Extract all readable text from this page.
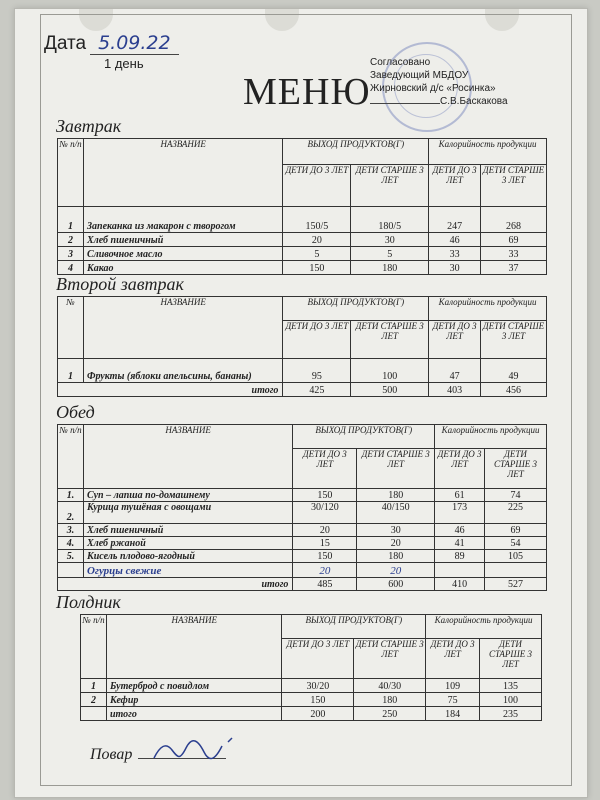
Дата 5.09.22
1 день
МЕНЮ
Согласовано
Заведующий МБДОУ
Жирновский д/с «Росинка»
С.В.Баскакова
Завтрак
№ п/п	НАЗВАНИЕ	ВЫХОД ПРОДУКТОВ(Г)		Калорийность продукции	
		ДЕТИ ДО 3 ЛЕТ	ДЕТИ СТАРШЕ 3 ЛЕТ	ДЕТИ ДО 3 ЛЕТ	ДЕТИ СТАРШЕ 3 ЛЕТ
1	Запеканка из макарон с творогом	150/5	180/5	247	268
2	Хлеб пшеничный	20	30	46	69
3	Сливочное масло	5	5	33	33
4	Какао	150	180	30	37
Второй завтрак
№	НАЗВАНИЕ	ВЫХОД ПРОДУКТОВ(Г)		Калорийность продукции	
		ДЕТИ ДО 3 ЛЕТ	ДЕТИ СТАРШЕ 3 ЛЕТ	ДЕТИ ДО 3 ЛЕТ	ДЕТИ СТАРШЕ 3 ЛЕТ
1	Фрукты (яблоки апельсины, бананы)	95	100	47	49
итого		425	500	403	456
Обед
№ п/п	НАЗВАНИЕ	ВЫХОД ПРОДУКТОВ(Г)		Калорийность продукции	
		ДЕТИ ДО 3 ЛЕТ	ДЕТИ СТАРШЕ 3 ЛЕТ	ДЕТИ ДО 3 ЛЕТ	ДЕТИ СТАРШЕ 3 ЛЕТ
1.	Суп – лапша по-домашнему	150	180	61	74
2.	Курица тушёная с овощами	30/120	40/150	173	225
3.	Хлеб пшеничный	20	30	46	69
4.	Хлеб ржаной	15	20	41	54
5.	Кисель плодово-ягодный	150	180	89	105
	Огурцы свежие	20	20		
итого		485	600	410	527
Полдник
№ п/п	НАЗВАНИЕ	ВЫХОД ПРОДУКТОВ(Г)		Калорийность продукции	
		ДЕТИ ДО 3 ЛЕТ	ДЕТИ СТАРШЕ 3 ЛЕТ	ДЕТИ ДО 3 ЛЕТ	ДЕТИ СТАРШЕ 3 ЛЕТ
1	Бутерброд с повидлом	30/20	40/30	109	135
2	Кефир	150	180	75	100
	итого	200	250	184	235
Повар
